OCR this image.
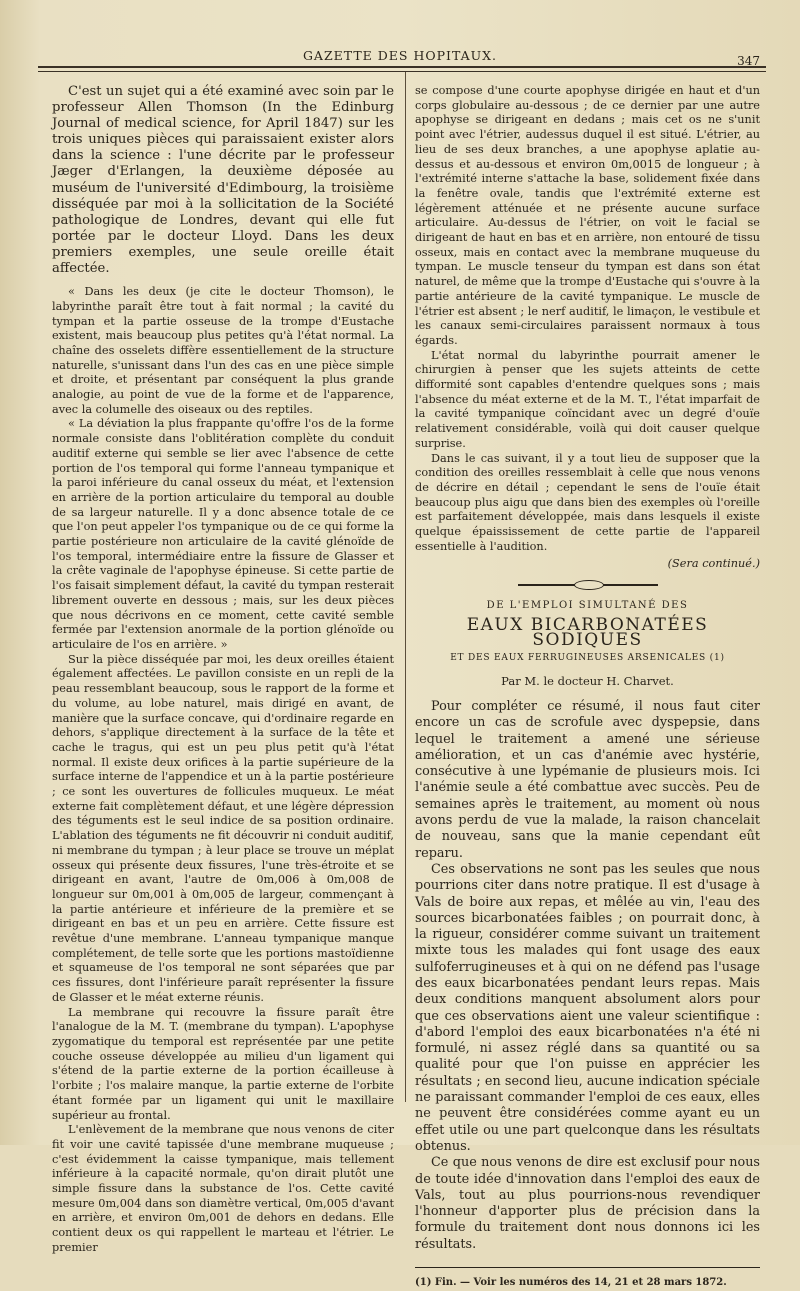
GAZETTE DES HOPITAUX.	347

C'est un sujet qui a été examiné avec soin par le professeur Allen Thomson (In the Edinburg Journal of medical science, for April 1847) sur les trois uniques pièces qui paraissaient exister alors dans la science : l'une décrite par le professeur Jæger d'Erlangen, la deuxième déposée au muséum de l'université d'Edimbourg, la troisième disséquée par moi à la sollicitation de la Société pathologique de Londres, devant qui elle fut portée par le docteur Lloyd. Dans les deux premiers exemples, une seule oreille était affectée.

« Dans les deux (je cite le docteur Thomson), le labyrinthe paraît être tout à fait normal ; la cavité du tympan et la partie osseuse de la trompe d'Eustache existent, mais beaucoup plus petites qu'à l'état normal. La chaîne des osselets diffère essentiellement de la structure naturelle, s'unissant dans l'un des cas en une pièce simple et droite, et présentant par conséquent la plus grande analogie, au point de vue de la forme et de l'apparence, avec la columelle des oiseaux ou des reptiles.

« La déviation la plus frappante qu'offre l'os de la forme normale consiste dans l'oblitération complète du conduit auditif externe qui semble se lier avec l'absence de cette portion de l'os temporal qui forme l'anneau tympanique et la paroi inférieure du canal osseux du méat, et l'extension en arrière de la portion articulaire du temporal au double de sa largeur naturelle. Il y a donc absence totale de ce que l'on peut appeler l'os tympanique ou de ce qui forme la partie postérieure non articulaire de la cavité glénoïde de l'os temporal, intermédiaire entre la fissure de Glasser et la crête vaginale de l'apophyse épineuse. Si cette partie de l'os faisait simplement défaut, la cavité du tympan resterait librement ouverte en dessous ; mais, sur les deux pièces que nous décrivons en ce moment, cette cavité semble fermée par l'extension anormale de la portion glénoïde ou articulaire de l'os en arrière. »

Sur la pièce disséquée par moi, les deux oreilles étaient également affectées. Le pavillon consiste en un repli de la peau ressemblant beaucoup, sous le rapport de la forme et du volume, au lobe naturel, mais dirigé en avant, de manière que la surface concave, qui d'ordinaire regarde en dehors, s'applique directement à la surface de la tête et cache le tragus, qui est un peu plus petit qu'à l'état normal. Il existe deux orifices à la partie supérieure de la surface interne de l'appendice et un à la partie postérieure ; ce sont les ouvertures de follicules muqueux. Le méat externe fait complètement défaut, et une légère dépression des téguments est le seul indice de sa position ordinaire. L'ablation des téguments ne fit découvrir ni conduit auditif, ni membrane du tympan ; à leur place se trouve un méplat osseux qui présente deux fissures, l'une très-étroite et se dirigeant en avant, l'autre de 0m,006 à 0m,008 de longueur sur 0m,001 à 0m,005 de largeur, commençant à la partie antérieure et inférieure de la première et se dirigeant en bas et un peu en arrière. Cette fissure est revêtue d'une membrane. L'anneau tympanique manque complétement, de telle sorte que les portions mastoïdienne et squameuse de l'os temporal ne sont séparées que par ces fissures, dont l'inférieure paraît représenter la fissure de Glasser et le méat externe réunis.

La membrane qui recouvre la fissure paraît être l'analogue de la M. T. (membrane du tympan). L'apophyse zygomatique du temporal est représentée par une petite couche osseuse développée au milieu d'un ligament qui s'étend de la partie externe de la portion écailleuse à l'orbite ; l'os malaire manque, la partie externe de l'orbite étant formée par un ligament qui unit le maxillaire supérieur au frontal.

L'enlèvement de la membrane que nous venons de citer fit voir une cavité tapissée d'une membrane muqueuse ; c'est évidemment la caisse tympanique, mais tellement inférieure à la capacité normale, qu'on dirait plutôt une simple fissure dans la substance de l'os. Cette cavité mesure 0m,004 dans son diamètre vertical, 0m,005 d'avant en arrière, et environ 0m,001 de dehors en dedans. Elle contient deux os qui rappellent le marteau et l'étrier. Le premier

se compose d'une courte apophyse dirigée en haut et d'un corps globulaire au-dessous ; de ce dernier par une autre apophyse se dirigeant en dedans ; mais cet os ne s'unit point avec l'étrier, audessus duquel il est situé. L'étrier, au lieu de ses deux branches, a une apophyse aplatie au-dessus et au-dessous et environ 0m,0015 de longueur ; à l'extrémité interne s'attache la base, solidement fixée dans la fenêtre ovale, tandis que l'extrémité externe est légèrement atténuée et ne présente aucune surface articulaire. Au-dessus de l'étrier, on voit le facial se dirigeant de haut en bas et en arrière, non entouré de tissu osseux, mais en contact avec la membrane muqueuse du tympan. Le muscle tenseur du tympan est dans son état naturel, de même que la trompe d'Eustache qui s'ouvre à la partie antérieure de la cavité tympanique. Le muscle de l'étrier est absent ; le nerf auditif, le limaçon, le vestibule et les canaux semi-circulaires paraissent normaux à tous égards.

L'état normal du labyrinthe pourrait amener le chirurgien à penser que les sujets atteints de cette difformité sont capables d'entendre quelques sons ; mais l'absence du méat externe et de la M. T., l'état imparfait de la cavité tympanique coïncidant avec un degré d'ouïe relativement considérable, voilà qui doit causer quelque surprise.

Dans le cas suivant, il y a tout lieu de supposer que la condition des oreilles ressemblait à celle que nous venons de décrire en détail ; cependant le sens de l'ouïe était beaucoup plus aigu que dans bien des exemples où l'oreille est parfaitement développée, mais dans lesquels il existe quelque épaississement de cette partie de l'appareil essentielle à l'audition.

(Sera continué.)

DE L'EMPLOI SIMULTANÉ DES

EAUX BICARBONATÉES SODIQUES

ET DES EAUX FERRUGINEUSES ARSENICALES (1)

Par M. le docteur H. Charvet.

Pour compléter ce résumé, il nous faut citer encore un cas de scrofule avec dyspepsie, dans lequel le traitement a amené une sérieuse amélioration, et un cas d'anémie avec hystérie, consécutive à une lypémanie de plusieurs mois. Ici l'anémie seule a été combattue avec succès. Peu de semaines après le traitement, au moment où nous avons perdu de vue la malade, la raison chancelait de nouveau, sans que la manie cependant eût reparu.

Ces observations ne sont pas les seules que nous pourrions citer dans notre pratique. Il est d'usage à Vals de boire aux repas, et mêlée au vin, l'eau des sources bicarbonatées faibles ; on pourrait donc, à la rigueur, considérer comme suivant un traitement mixte tous les malades qui font usage des eaux sulfoferrugineuses et à qui on ne défend pas l'usage des eaux bicarbonatées pendant leurs repas. Mais deux conditions manquent absolument alors pour que ces observations aient une valeur scientifique : d'abord l'emploi des eaux bicarbonatées n'a été ni formulé, ni assez réglé dans sa quantité ou sa qualité pour que l'on puisse en apprécier les résultats ; en second lieu, aucune indication spéciale ne paraissant commander l'emploi de ces eaux, elles ne peuvent être considérées comme ayant eu un effet utile ou une part quelconque dans les résultats obtenus.

Ce que nous venons de dire est exclusif pour nous de toute idée d'innovation dans l'emploi des eaux de Vals, tout au plus pourrions-nous revendiquer l'honneur d'apporter plus de précision dans la formule du traitement dont nous donnons ici les résultats.

(1) Fin. — Voir les numéros des 14, 21 et 28 mars 1872.
